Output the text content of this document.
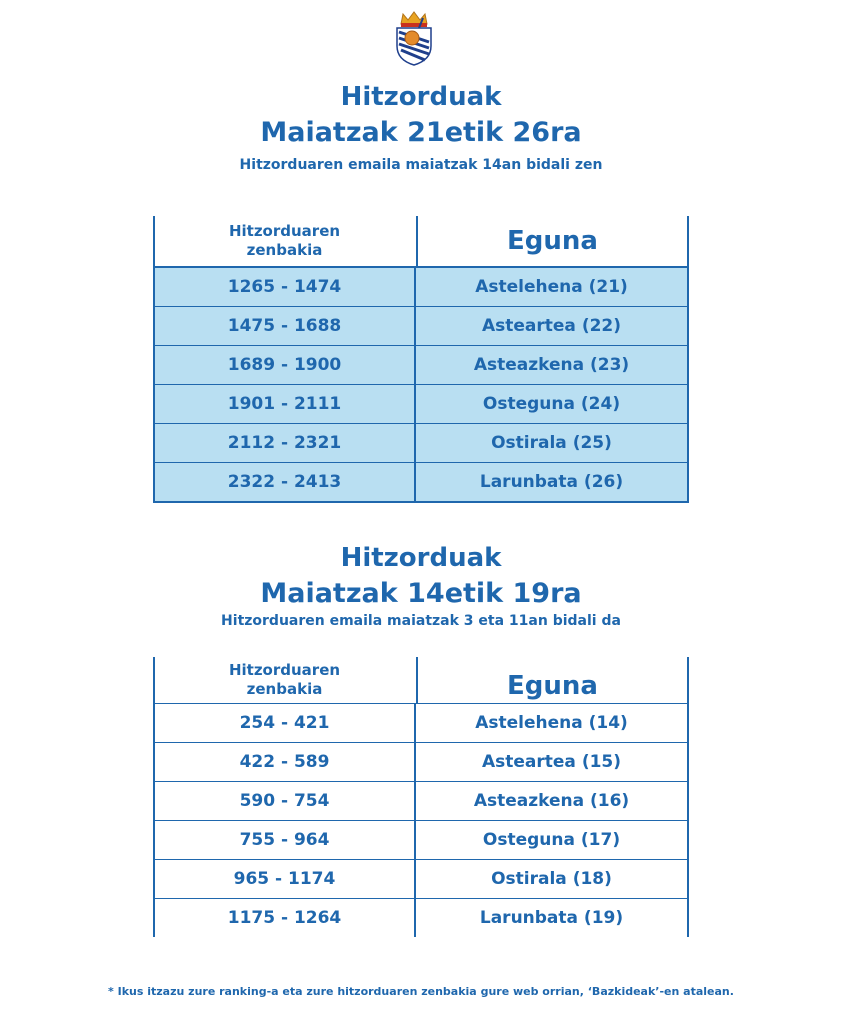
Hitzorduak
Maiatzak 21etik 26ra
Hitzorduaren emaila maiatzak 14an bidali zen
Hitzorduaren zenbakia	Eguna
1265 - 1474	Astelehena (21)
1475 - 1688	Asteartea (22)
1689 - 1900	Asteazkena (23)
1901 - 2111	Osteguna (24)
2112 - 2321	Ostirala (25)
2322 - 2413	Larunbata (26)
Hitzorduak
Maiatzak 14etik 19ra
Hitzorduaren emaila maiatzak 3 eta 11an bidali da
Hitzorduaren zenbakia	Eguna
254 - 421	Astelehena (14)
422 - 589	Asteartea (15)
590 - 754	Asteazkena (16)
755 - 964	Osteguna (17)
965 - 1174	Ostirala (18)
1175 - 1264	Larunbata (19)
* Ikus itzazu zure ranking-a eta zure hitzorduaren zenbakia gure web orrian, ‘Bazkideak’-en atalean.
